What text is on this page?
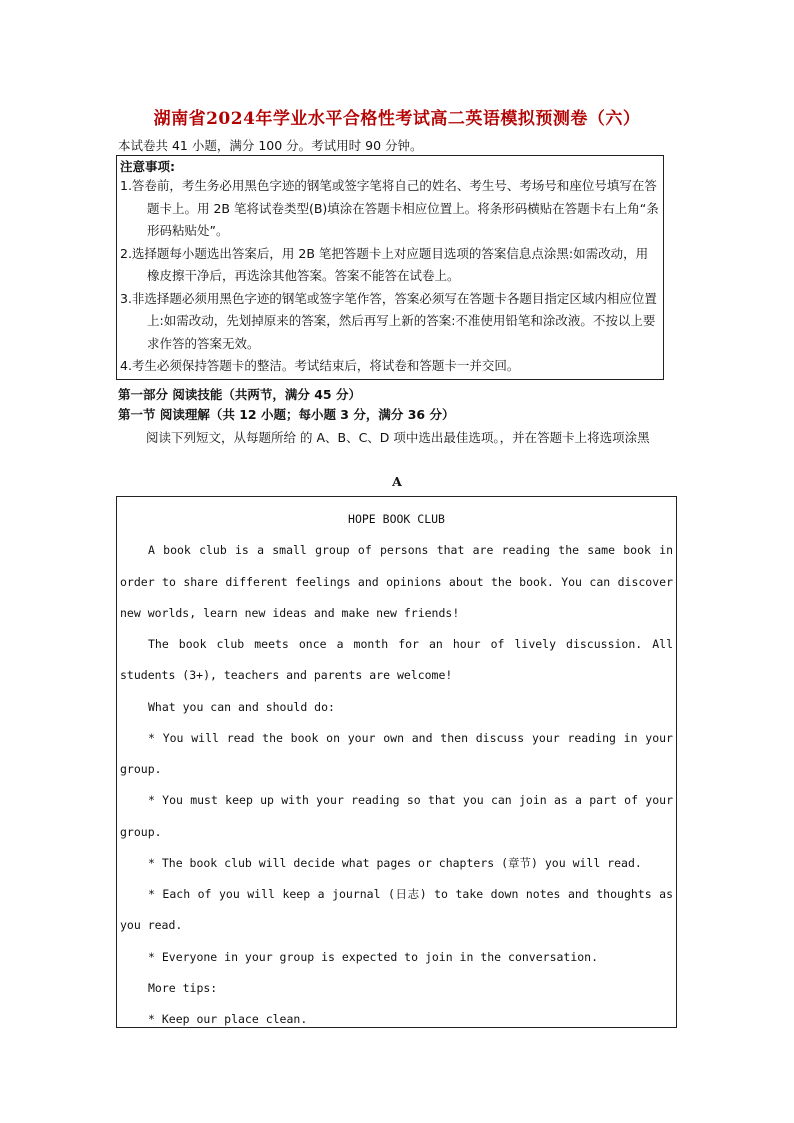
湖南省2024年学业水平合格性考试高二英语模拟预测卷（六）
本试卷共 41 小题，满分 100 分。考试用时 90 分钟。
注意事项:
1.答卷前，考生务必用黑色字迹的钢笔或签字笔将自己的姓名、考生号、考场号和座位号填写在答题卡上。用 2B 笔将试卷类型(B)填涂在答题卡相应位置上。将条形码横贴在答题卡右上角“条形码粘贴处”。
2.选择题每小题选出答案后，用 2B 笔把答题卡上对应题目选项的答案信息点涂黑:如需改动，用橡皮擦干净后，再选涂其他答案。答案不能答在试卷上。
3.非选择题必须用黑色字迹的钢笔或签字笔作答，答案必须写在答题卡各题目指定区域内相应位置上:如需改动，先划掉原来的答案，然后再写上新的答案:不准使用铅笔和涂改液。不按以上要求作答的答案无效。
4.考生必须保持答题卡的整洁。考试结束后，将试卷和答题卡一并交回。
第一部分 阅读技能（共两节，满分 45 分）
第一节 阅读理解（共 12 小题；每小题 3 分，满分 36 分）
阅读下列短文，从每题所给 的 A、B、C、D 项中选出最佳选项。，并在答题卡上将选项涂黑
A
HOPE BOOK CLUB
A book club is a small group of persons that are reading the same book in order to share different feelings and opinions about the book. You can discover new worlds, learn new ideas and make new friends!
The book club meets once a month for an hour of lively discussion. All students (3+), teachers and parents are welcome!
What you can and should do:
* You will read the book on your own and then discuss your reading in your group.
* You must keep up with your reading so that you can join as a part of your group.
* The book club will decide what pages or chapters (章节) you will read.
* Each of you will keep a journal (日志) to take down notes and thoughts as you read.
* Everyone in your group is expected to join in the conversation.
More tips:
* Keep our place clean.
